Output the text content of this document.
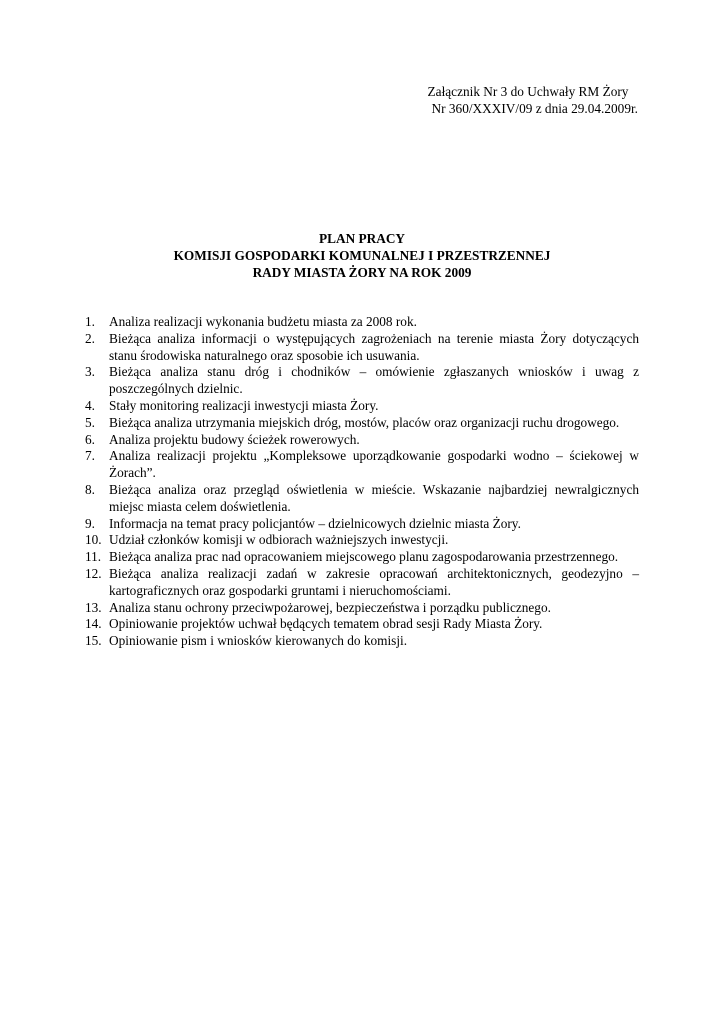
Załącznik Nr 3 do Uchwały RM Żory
Nr 360/XXXIV/09 z dnia 29.04.2009r.
PLAN PRACY
KOMISJI GOSPODARKI KOMUNALNEJ I PRZESTRZENNEJ
RADY MIASTA ŻORY NA ROK 2009
1.	Analiza realizacji wykonania budżetu miasta za 2008 rok.
2.	Bieżąca analiza informacji o występujących zagrożeniach na terenie miasta Żory dotyczących stanu środowiska naturalnego oraz sposobie ich usuwania.
3.	Bieżąca analiza stanu dróg i chodników – omówienie zgłaszanych wniosków i uwag z poszczególnych dzielnic.
4.	Stały monitoring realizacji inwestycji miasta Żory.
5.	Bieżąca analiza utrzymania miejskich dróg, mostów, placów oraz organizacji ruchu drogowego.
6.	Analiza projektu budowy ścieżek rowerowych.
7.	Analiza realizacji projektu „Kompleksowe uporządkowanie gospodarki wodno – ściekowej w Żorach”.
8.	Bieżąca analiza oraz przegląd oświetlenia w mieście. Wskazanie najbardziej newralgicznych miejsc miasta celem doświetlenia.
9.	Informacja na temat pracy policjantów – dzielnicowych dzielnic miasta Żory.
10. Udział członków komisji w odbiorach ważniejszych inwestycji.
11. Bieżąca analiza prac nad opracowaniem miejscowego planu zagospodarowania przestrzennego.
12. Bieżąca analiza realizacji zadań w zakresie opracowań architektonicznych, geodezyjno – kartograficznych oraz gospodarki gruntami i nieruchomościami.
13. Analiza stanu ochrony przeciwpożarowej, bezpieczeństwa i porządku publicznego.
14. Opiniowanie projektów uchwał będących tematem obrad sesji Rady Miasta Żory.
15. Opiniowanie pism i wniosków kierowanych do komisji.
